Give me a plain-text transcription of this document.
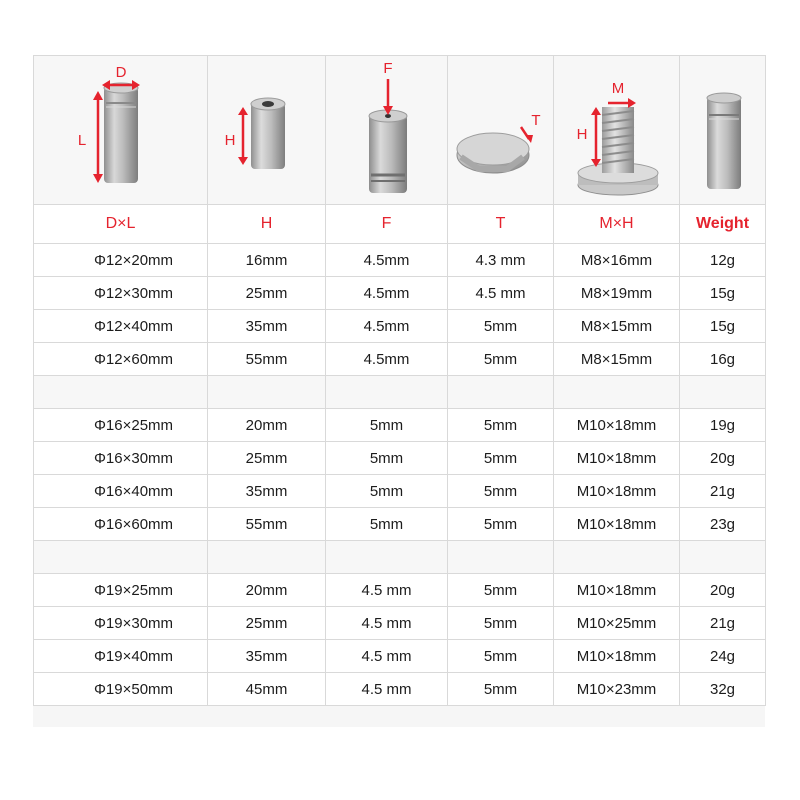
D
L	H	F	T	M
H

D×L	H	F	T	M×H	Weight
Φ12×20mm	16mm	4.5mm	4.3 mm	M8×16mm	12g
Φ12×30mm	25mm	4.5mm	4.5 mm	M8×19mm	15g
Φ12×40mm	35mm	4.5mm	5mm	M8×15mm	15g
Φ12×60mm	55mm	4.5mm	5mm	M8×15mm	16g

Φ16×25mm	20mm	5mm	5mm	M10×18mm	19g
Φ16×30mm	25mm	5mm	5mm	M10×18mm	20g
Φ16×40mm	35mm	5mm	5mm	M10×18mm	21g
Φ16×60mm	55mm	5mm	5mm	M10×18mm	23g

Φ19×25mm	20mm	4.5 mm	5mm	M10×18mm	20g
Φ19×30mm	25mm	4.5 mm	5mm	M10×25mm	21g
Φ19×40mm	35mm	4.5 mm	5mm	M10×18mm	24g
Φ19×50mm	45mm	4.5 mm	5mm	M10×23mm	32g
